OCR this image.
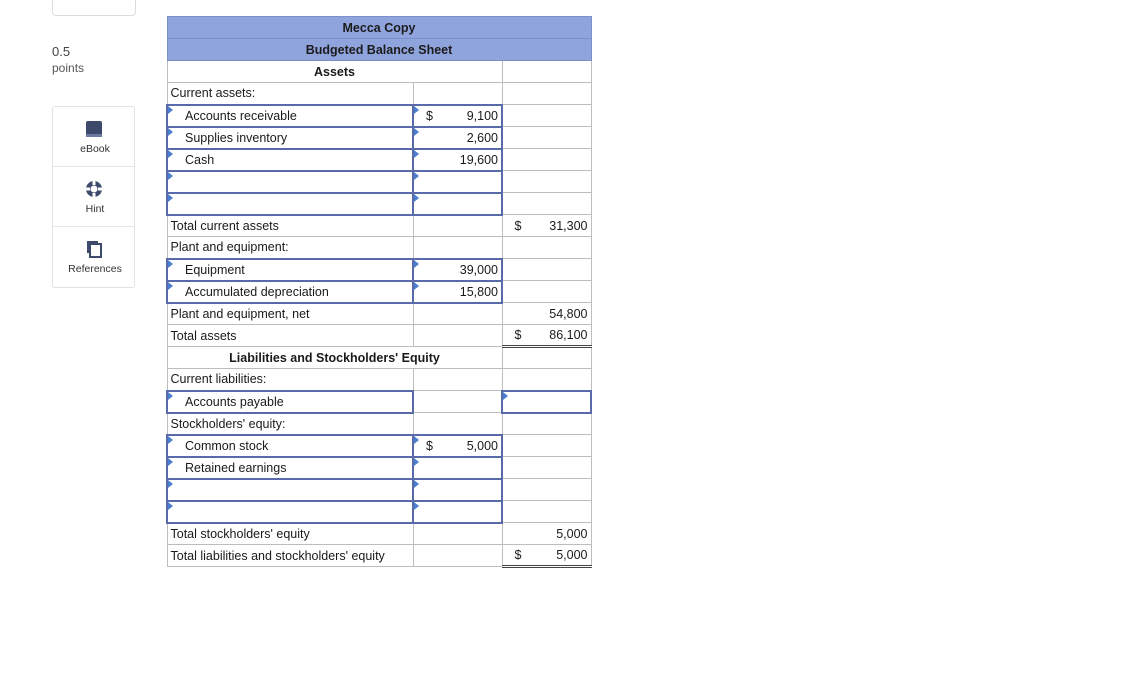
0.5
points
eBook
Hint
References
Mecca Copy		
Budgeted Balance Sheet		
Assets		
Current assets:		
Accounts receivable	$ 9,100	
Supplies inventory	2,600	
Cash	19,600	

Total current assets		$ 31,300
Plant and equipment:		
Equipment	39,000	
Accumulated depreciation	15,800	
Plant and equipment, net		54,800
Total assets		$ 86,100
Liabilities and Stockholders' Equity		
Current liabilities:		
Accounts payable		
Stockholders' equity:		
Common stock	$ 5,000	
Retained earnings		

Total stockholders' equity		5,000
Total liabilities and stockholders' equity		$ 5,000
